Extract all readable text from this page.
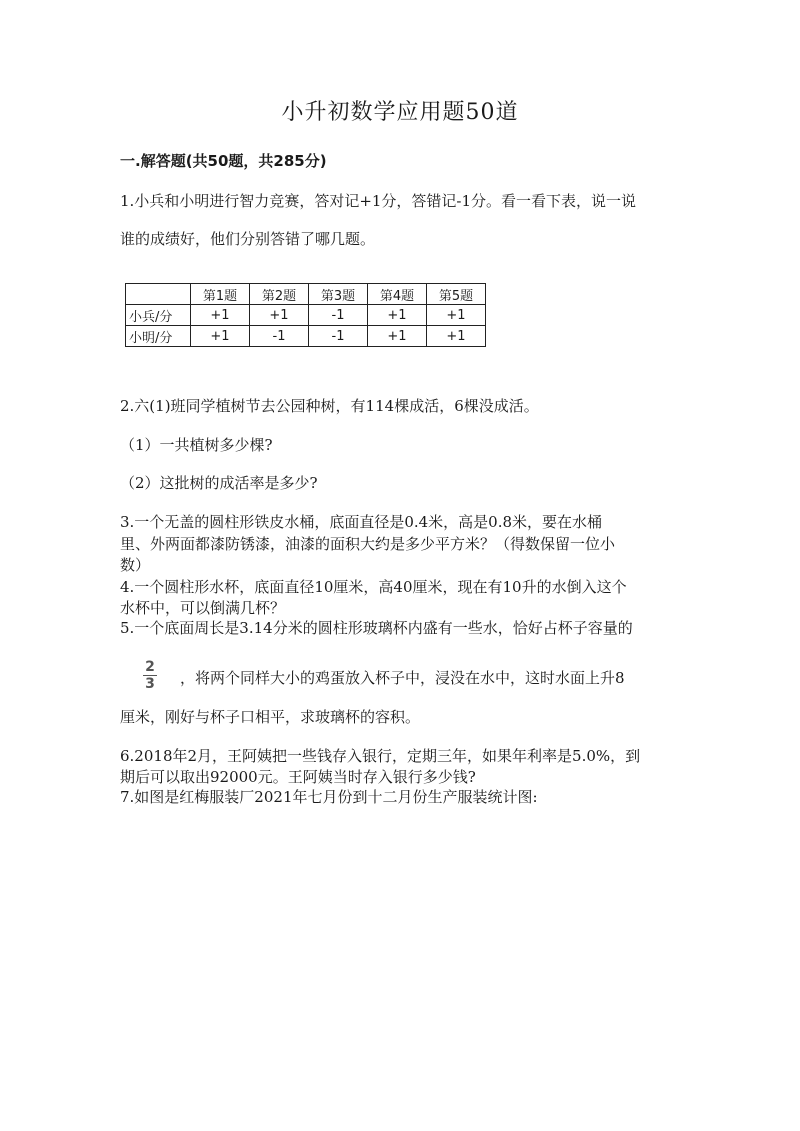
小升初数学应用题50道
一.解答题(共50题，共285分)
1.小兵和小明进行智力竞赛，答对记+1分，答错记-1分。看一看下表，说一说
谁的成绩好，他们分别答错了哪几题。
	第1题	第2题	第3题	第4题	第5题
小兵/分	+1	+1	-1	+1	+1
小明/分	+1	-1	-1	+1	+1
2.六(1)班同学植树节去公园种树，有114棵成活，6棵没成活。
（1）一共植树多少棵?
（2）这批树的成活率是多少?
3.一个无盖的圆柱形铁皮水桶，底面直径是0.4米，高是0.8米，要在水桶
里、外两面都漆防锈漆，油漆的面积大约是多少平方米？（得数保留一位小
数）
4.一个圆柱形水杯，底面直径10厘米，高40厘米，现在有10升的水倒入这个
水杯中，可以倒满几杯？
5.一个底面周长是3.14分米的圆柱形玻璃杯内盛有一些水，恰好占杯子容量的
2
3 ，将两个同样大小的鸡蛋放入杯子中，浸没在水中，这时水面上升8
厘米，刚好与杯子口相平，求玻璃杯的容积。
6.2018年2月，王阿姨把一些钱存入银行，定期三年，如果年利率是5.0%，到
期后可以取出92000元。王阿姨当时存入银行多少钱?
7.如图是红梅服装厂2021年七月份到十二月份生产服装统计图:
